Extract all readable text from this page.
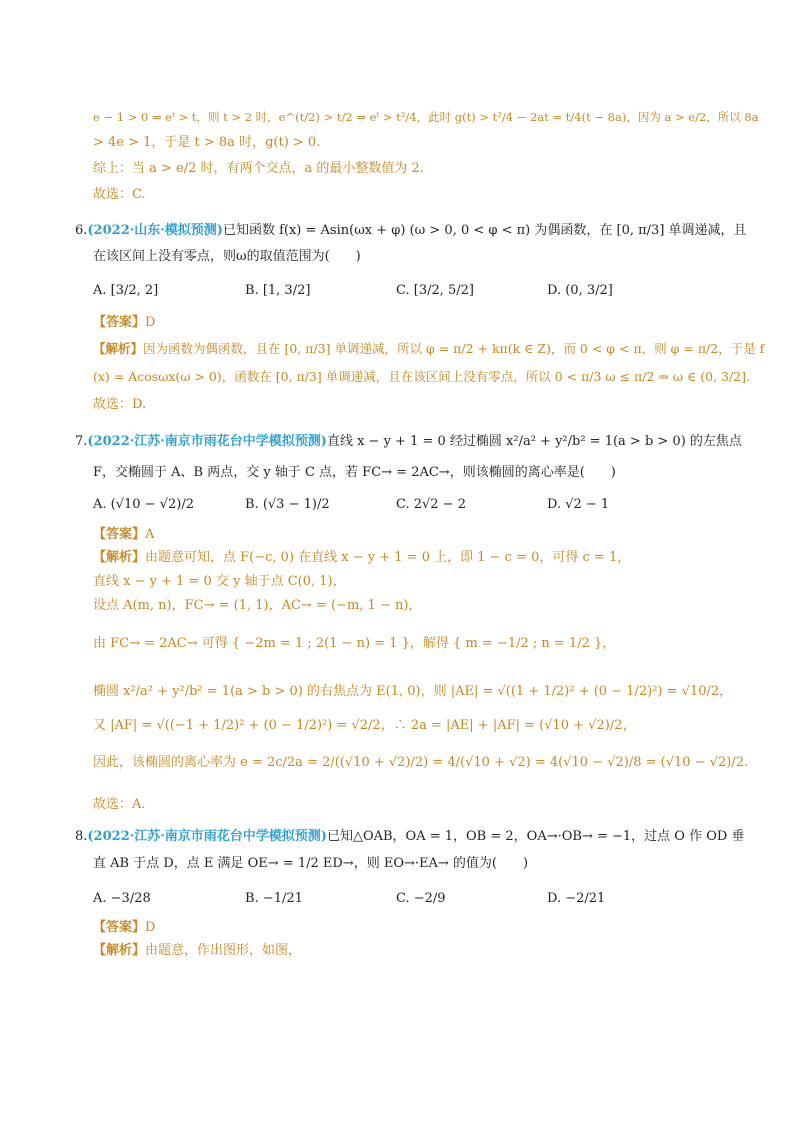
e − 1 > 0 ⇒ eᵗ > t，则 t > 2 时，e^(t/2) > t/2 ⇒ eᵗ > t²/4，此时 g(t) > t²/4 − 2at = t/4(t − 8a)，因为 a > e/2，所以 8a
> 4e > 1，于是 t > 8a 时，g(t) > 0.
综上：当 a > e/2 时，有两个交点，a 的最小整数值为 2.
故选：C.
6.(2022·山东·模拟预测)已知函数 f(x) = Asin(ωx + φ) (ω > 0, 0 < φ < π) 为偶函数，在 [0, π/3] 单调递减，且
在该区间上没有零点，则ω的取值范围为(　　)
A. [3/2, 2]	B. [1, 3/2]	C. [3/2, 5/2]	D. (0, 3/2]
【答案】D
【解析】因为函数为偶函数，且在 [0, π/3] 单调递减，所以 φ = π/2 + kπ(k ∈ Z)，而 0 < φ < π，则 φ = π/2，于是 f
(x) = Acosωx(ω > 0)，函数在 [0, π/3] 单调递减，且在该区间上没有零点，所以 0 < π/3 ω ≤ π/2 ⇒ ω ∈ (0, 3/2].
故选：D.
7.(2022·江苏·南京市雨花台中学模拟预测)直线 x − y + 1 = 0 经过椭圆 x²/a² + y²/b² = 1(a > b > 0) 的左焦点
F，交椭圆于 A、B 两点，交 y 轴于 C 点，若 FC→ = 2AC→，则该椭圆的离心率是(　　)
A. (√10 − √2)/2	B. (√3 − 1)/2	C. 2√2 − 2	D. √2 − 1
【答案】A
【解析】由题意可知，点 F(−c, 0) 在直线 x − y + 1 = 0 上，即 1 − c = 0，可得 c = 1，
直线 x − y + 1 = 0 交 y 轴于点 C(0, 1)，
设点 A(m, n)，FC→ = (1, 1)，AC→ = (−m, 1 − n)，
由 FC→ = 2AC→ 可得 { −2m = 1 ; 2(1 − n) = 1 }，解得 { m = −1/2 ; n = 1/2 }，
椭圆 x²/a² + y²/b² = 1(a > b > 0) 的右焦点为 E(1, 0)，则 |AE| = √((1 + 1/2)² + (0 − 1/2)²) = √10/2，
又 |AF| = √((−1 + 1/2)² + (0 − 1/2)²) = √2/2，∴ 2a = |AE| + |AF| = (√10 + √2)/2，
因此，该椭圆的离心率为 e = 2c/2a = 2/((√10 + √2)/2) = 4/(√10 + √2) = 4(√10 − √2)/8 = (√10 − √2)/2.
故选：A.
8.(2022·江苏·南京市雨花台中学模拟预测)已知△OAB，OA = 1，OB = 2，OA→·OB→ = −1，过点 O 作 OD 垂
直 AB 于点 D，点 E 满足 OE→ = 1/2 ED→，则 EO→·EA→ 的值为(　　)
A. −3/28	B. −1/21	C. −2/9	D. −2/21
【答案】D
【解析】由题意，作出图形，如图，
